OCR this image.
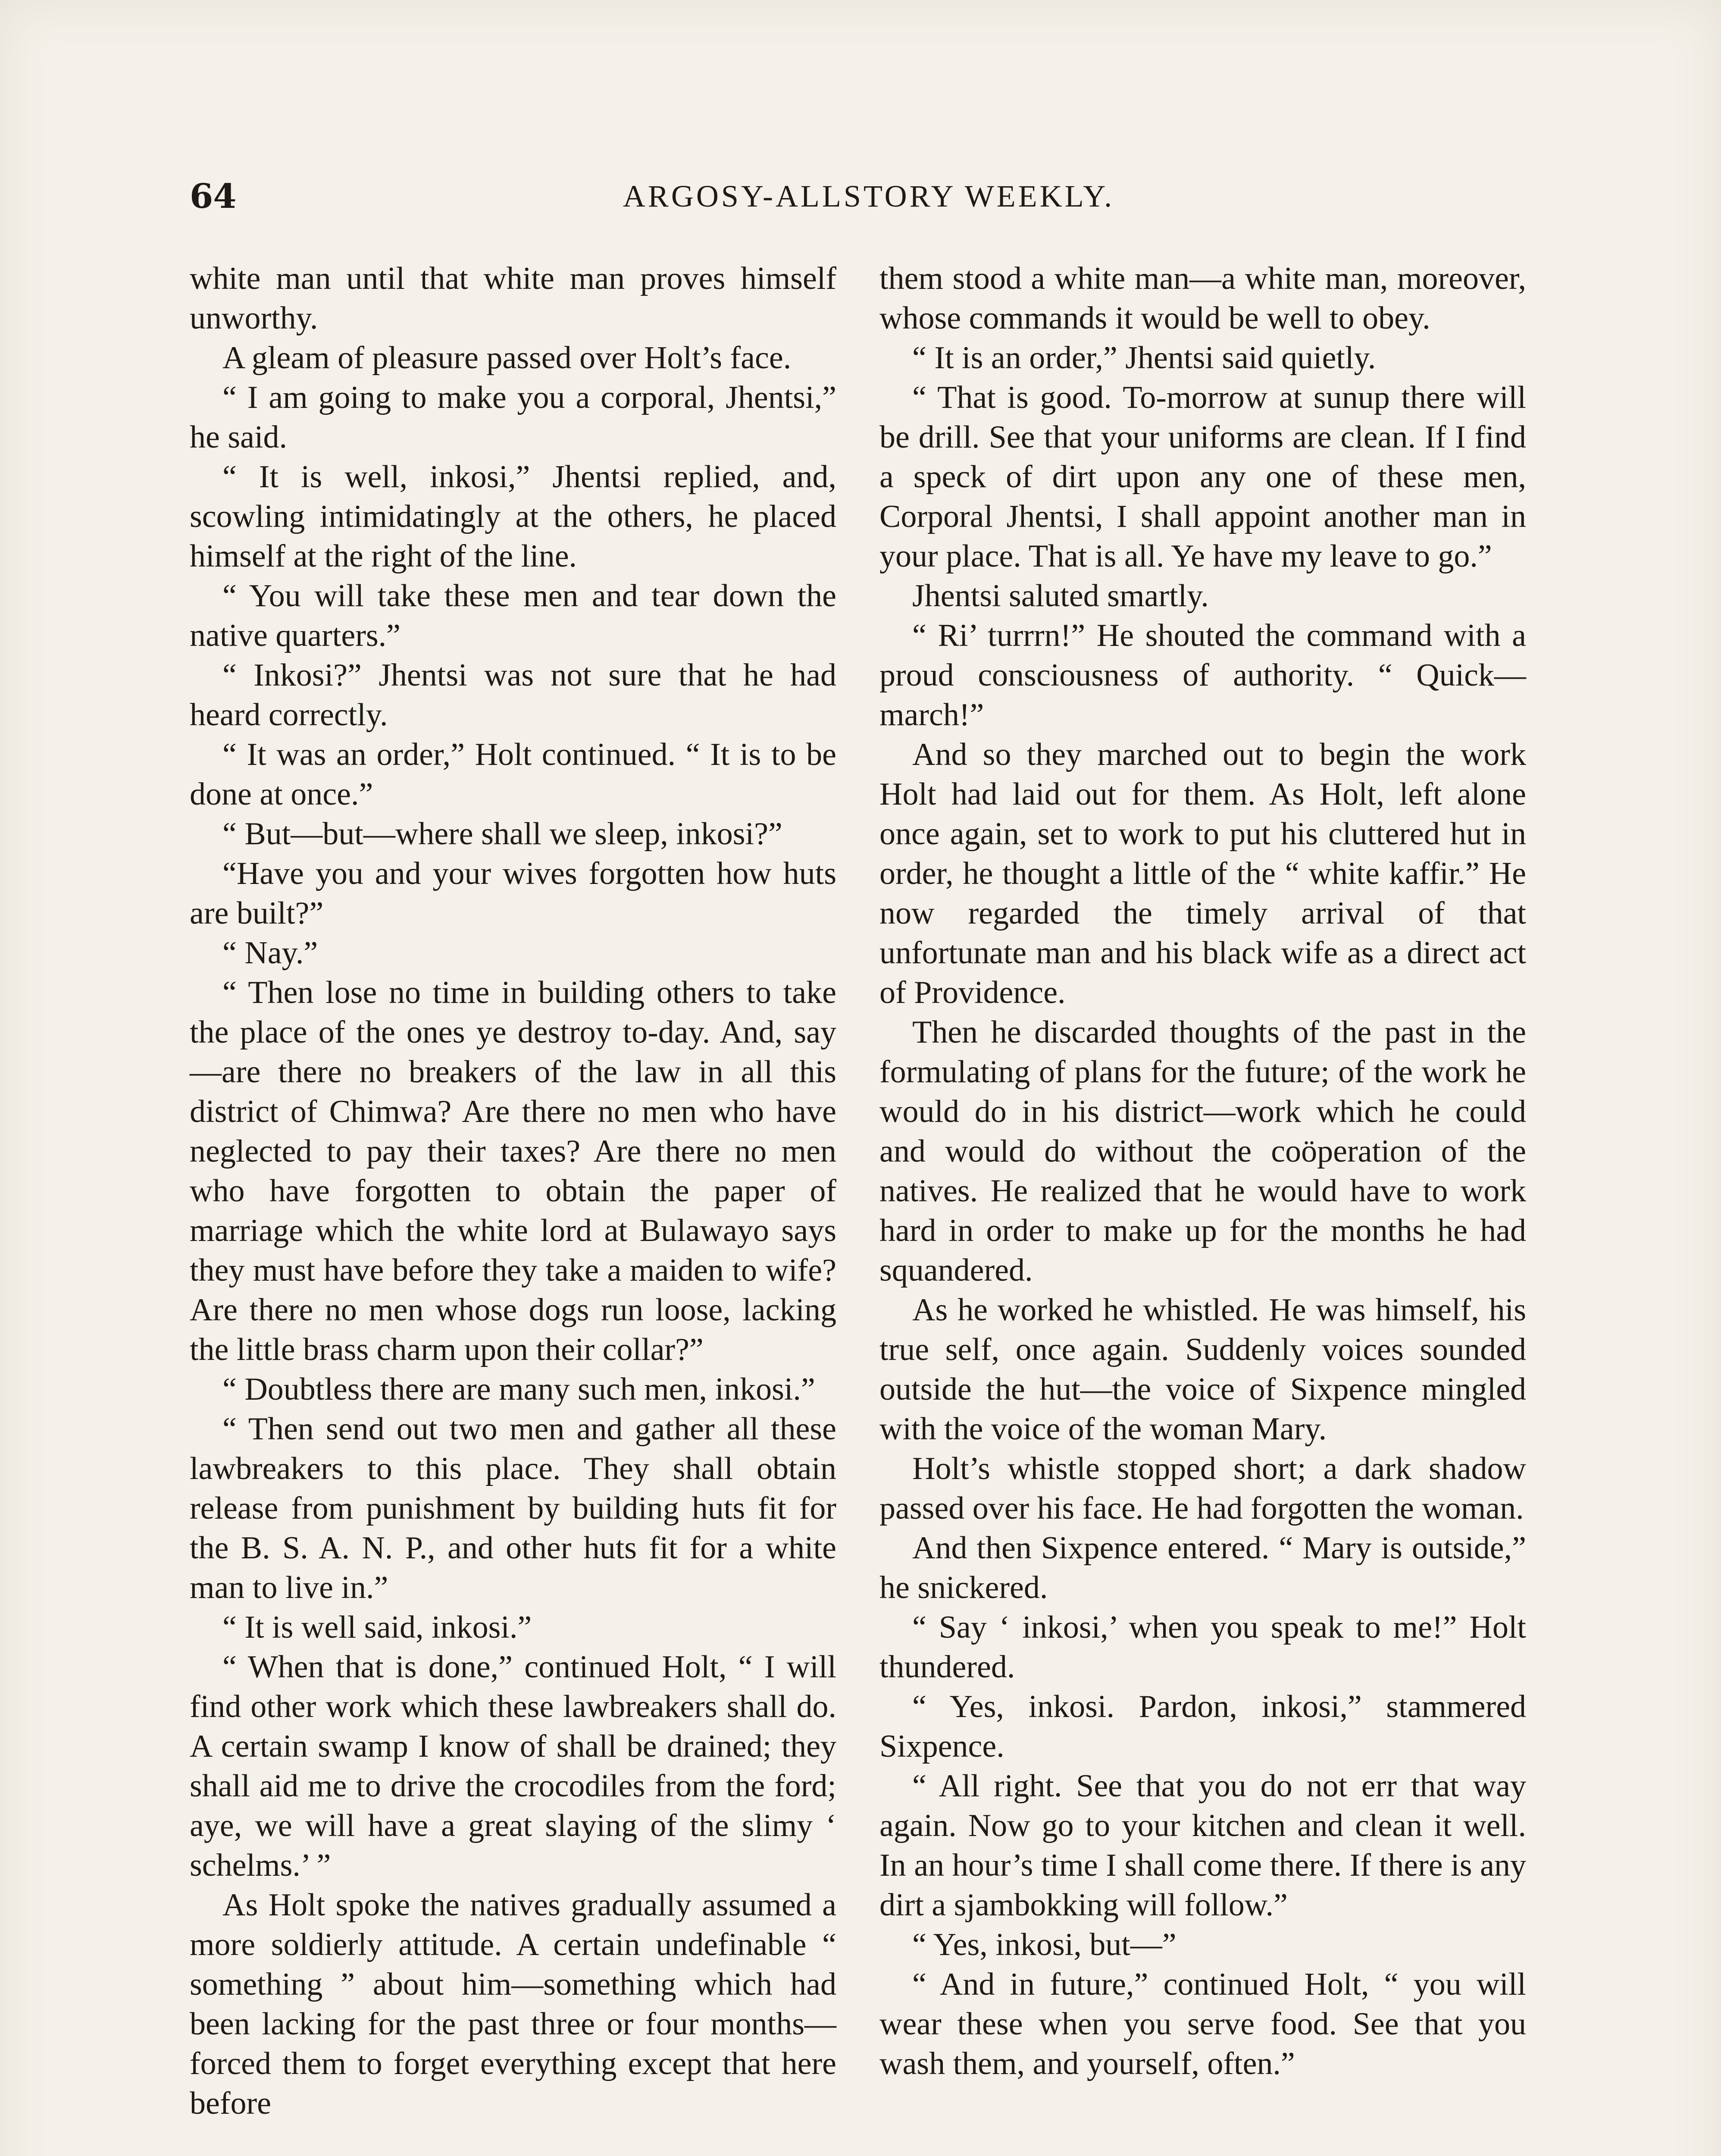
64	ARGOSY-ALLSTORY WEEKLY.

white man until that white man proves himself unworthy.

A gleam of pleasure passed over Holt’s face.

“ I am going to make you a corporal, Jhentsi,” he said.

“ It is well, inkosi,” Jhentsi replied, and, scowling intimidatingly at the others, he placed himself at the right of the line.

“ You will take these men and tear down the native quarters.”

“ Inkosi?” Jhentsi was not sure that he had heard correctly.

“ It was an order,” Holt continued. “ It is to be done at once.”

“ But—but—where shall we sleep, inkosi?”

“Have you and your wives forgotten how huts are built?”

“ Nay.”

“ Then lose no time in building others to take the place of the ones ye destroy to-day. And, say—are there no breakers of the law in all this district of Chimwa? Are there no men who have neglected to pay their taxes? Are there no men who have forgotten to obtain the paper of marriage which the white lord at Bulawayo says they must have before they take a maiden to wife? Are there no men whose dogs run loose, lacking the little brass charm upon their collar?”

“ Doubtless there are many such men, inkosi.”

“ Then send out two men and gather all these lawbreakers to this place. They shall obtain release from punishment by building huts fit for the B. S. A. N. P., and other huts fit for a white man to live in.”

“ It is well said, inkosi.”

“ When that is done,” continued Holt, “ I will find other work which these lawbreakers shall do. A certain swamp I know of shall be drained; they shall aid me to drive the crocodiles from the ford; aye, we will have a great slaying of the slimy ‘ schelms.’ ”

As Holt spoke the natives gradually assumed a more soldierly attitude. A certain undefinable “ something ” about him—something which had been lacking for the past three or four months—forced them to forget everything except that here before

them stood a white man—a white man, moreover, whose commands it would be well to obey.

“ It is an order,” Jhentsi said quietly.

“ That is good. To-morrow at sunup there will be drill. See that your uniforms are clean. If I find a speck of dirt upon any one of these men, Corporal Jhentsi, I shall appoint another man in your place. That is all. Ye have my leave to go.”

Jhentsi saluted smartly.

“ Ri’ turrrn!” He shouted the command with a proud consciousness of authority. “ Quick—march!”

And so they marched out to begin the work Holt had laid out for them. As Holt, left alone once again, set to work to put his cluttered hut in order, he thought a little of the “ white kaffir.” He now regarded the timely arrival of that unfortunate man and his black wife as a direct act of Providence.

Then he discarded thoughts of the past in the formulating of plans for the future; of the work he would do in his district—work which he could and would do without the coöperation of the natives. He realized that he would have to work hard in order to make up for the months he had squandered.

As he worked he whistled. He was himself, his true self, once again. Suddenly voices sounded outside the hut—the voice of Sixpence mingled with the voice of the woman Mary.

Holt’s whistle stopped short; a dark shadow passed over his face. He had forgotten the woman.

And then Sixpence entered. “ Mary is outside,” he snickered.

“ Say ‘ inkosi,’ when you speak to me!” Holt thundered.

“ Yes, inkosi. Pardon, inkosi,” stammered Sixpence.

“ All right. See that you do not err that way again. Now go to your kitchen and clean it well. In an hour’s time I shall come there. If there is any dirt a sjambokking will follow.”

“ Yes, inkosi, but—”

“ And in future,” continued Holt, “ you will wear these when you serve food. See that you wash them, and yourself, often.”
